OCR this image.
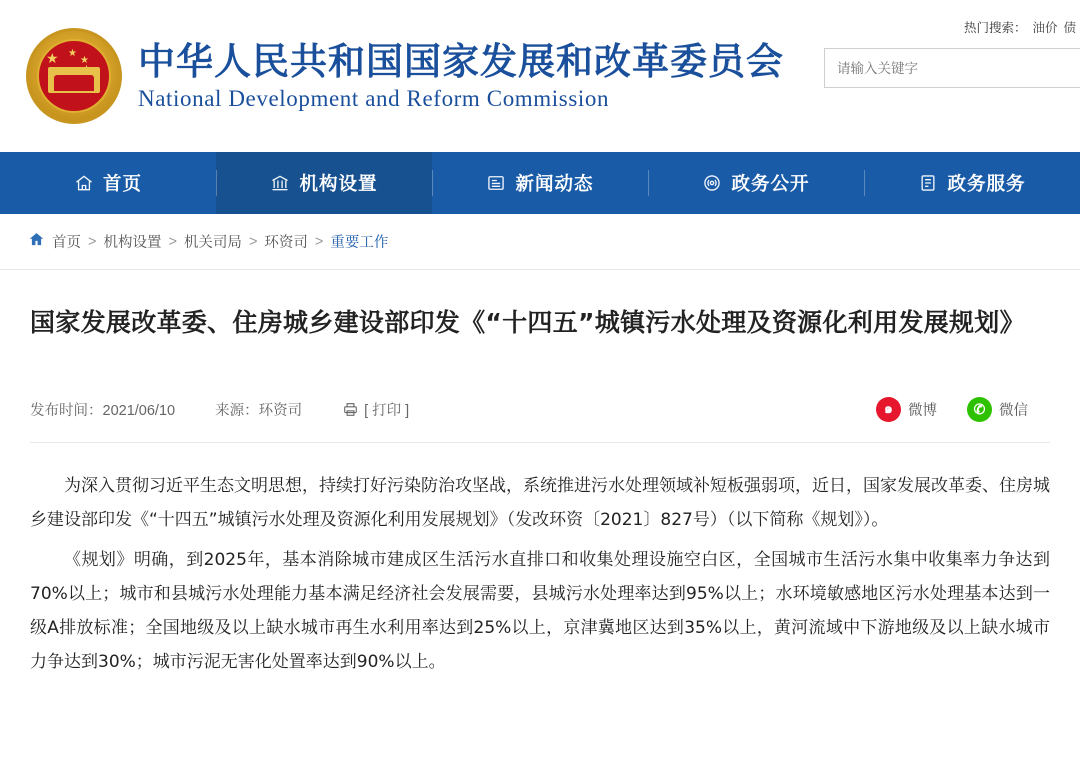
★ ★
★ 中华人民共和国国家发展和改革委员会
National Development and Reform Commission
热门搜索： 油价 债
请输入关键字
首页	机构设置	新闻动态	政务公开	政务服务
首页 > 机构设置 > 机关司局 > 环资司 > 重要工作
国家发展改革委、住房城乡建设部印发《“十四五”城镇污水处理及资源化利用发展规划》
发布时间：2021/06/10	来源：环资司	[ 打印 ]	๑	微博	✆ 微信

为深入贯彻习近平生态文明思想，持续打好污染防治攻坚战，系统推进污水处理领域补短板强弱项，近日，国家发展改革委、住房城乡建设部印发《“十四五”城镇污水处理及资源化利用发展规划》（发改环资〔2021〕827号）（以下简称《规划》）。

《规划》明确，到2025年，基本消除城市建成区生活污水直排口和收集处理设施空白区，全国城市生活污水集中收集率力争达到70%以上；城市和县城污水处理能力基本满足经济社会发展需要，县城污水处理率达到95%以上；水环境敏感地区污水处理基本达到一级A排放标准；全国地级及以上缺水城市再生水利用率达到25%以上，京津冀地区达到35%以上，黄河流域中下游地级及以上缺水城市力争达到30%；城市污泥无害化处置率达到90%以上。
